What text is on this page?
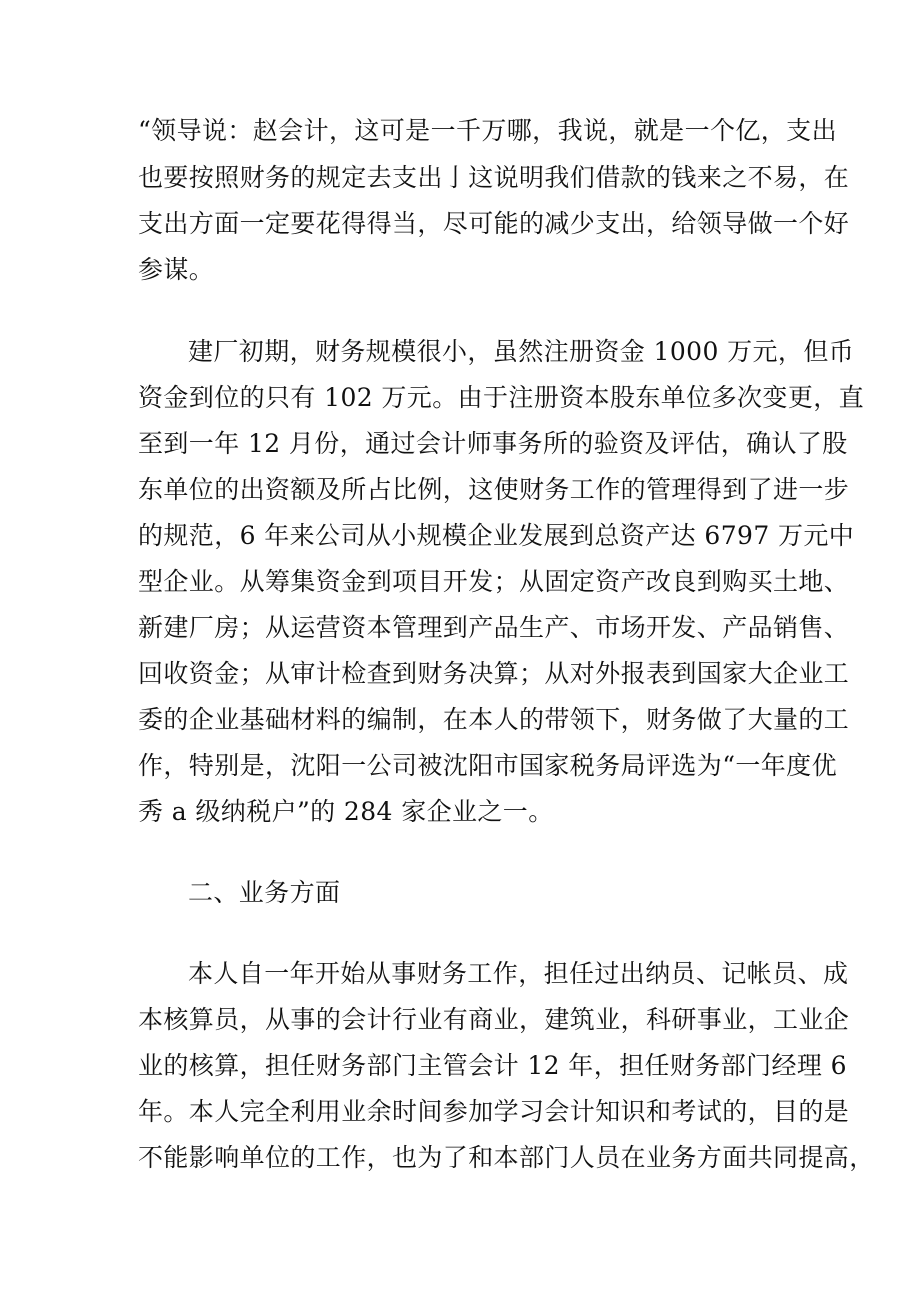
“领导说：赵会计，这可是一千万哪，我说，就是一个亿，支出
也要按照财务的规定去支出亅这说明我们借款的钱来之不易，在
支出方面一定要花得得当，尽可能的减少支出，给领导做一个好
参谋。
建厂初期，财务规模很小，虽然注册资金 1000 万元，但币
资金到位的只有 102 万元。由于注册资本股东单位多次变更，直
至到一年 12 月份，通过会计师事务所的验资及评估，确认了股
东单位的出资额及所占比例，这使财务工作的管理得到了进一步
的规范，6 年来公司从小规模企业发展到总资产达 6797 万元中
型企业。从筹集资金到项目开发；从固定资产改良到购买土地、
新建厂房；从运营资本管理到产品生产、市场开发、产品销售、
回收资金；从审计检查到财务决算；从对外报表到国家大企业工
委的企业基础材料的编制，在本人的带领下，财务做了大量的工
作，特别是，沈阳一公司被沈阳市国家税务局评选为“一年度优
秀 a 级纳税户”的 284 家企业之一。
二、业务方面
本人自一年开始从事财务工作，担任过出纳员、记帐员、成
本核算员，从事的会计行业有商业，建筑业，科研事业，工业企
业的核算，担任财务部门主管会计 12 年，担任财务部门经理 6
年。本人完全利用业余时间参加学习会计知识和考试的，目的是
不能影响单位的工作，也为了和本部门人员在业务方面共同提高，
